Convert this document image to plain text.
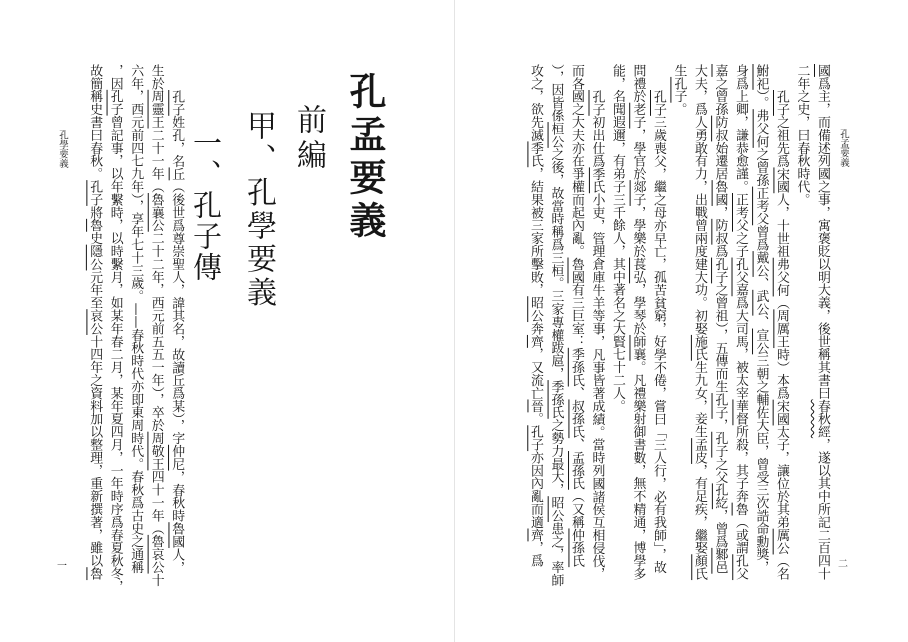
孔學要義	孔孟要義
前編
甲、孔學要義
一、孔子傳
一
孔孟要義
二
孔子姓孔，名丘（後世爲尊崇聖人，諱其名，故讀丘爲某），字仲尼，春秋時魯國人，
生於周靈王二十一年（魯襄公二十二年，西元前五五一年），卒於周敬王四十一年（魯哀公十
六年，西元前四七九年），享年七十三歲。——春秋時代亦即東周時代。春秋爲古史之通稱
，因孔子曾記事，以年繫時，以時繫月，如某年春二月，某年夏四月，一年時序爲春夏秋冬，
故簡稱史書曰春秋。孔子將魯史隱公元年至哀公十四年之資料加以整理，重新撰著，雖以魯
國爲主，而備述列國之事，寓褒貶以明大義，後世稱其書曰春秋經，遂以其中所記二百四十
二年之史，曰春秋時代。
孔子之祖先爲宋國人，十世祖弗父何（周厲王時）本爲宋國太子，讓位於其弟厲公（名
鮒祀）。弗父何之曾孫正考父曾爲戴公、武公、宣公三朝之輔佐大臣，曾受三次誥命勳獎，
身爲上卿，謙恭愈謹。正考父之子孔父嘉爲大司馬，被太宰華督所殺，其子奔魯（或謂孔父
嘉之曾孫防叔始遷居魯國，防叔爲孔子之曾祖），五傳而生孔子，孔子之父孔紇，曾爲鄹邑
大夫，爲人勇敢有力，出戰曾兩度建大功。初娶施氏生九女，妾生孟皮，有足疾，繼娶顏氏
生孔子。
孔子三歲喪父，繼之母亦早亡，孤苦貧窮，好學不倦，嘗曰「三人行，必有我師」，故
問禮於老子，學官於郯子，學樂於萇弘，學琴於師襄。凡禮樂射御書數，無不精通，博學多
能，名聞遐邇，有弟子三千餘人，其中著名之大賢七十二人。
孔子初出仕爲季氏小吏，管理倉庫牛羊等事，凡事皆著成績。當時列國諸侯互相侵伐，
而各國之大夫亦在爭權而起內亂。魯國有三巨室：季孫氏、叔孫氏、孟孫氏（又稱仲孫氏
），因皆係桓公之後，故當時稱爲三桓。三家專權跋扈，季孫氏之勢力最大，昭公患之，率師
攻之，欲先滅季氏，結果被三家所擊敗，昭公奔齊，又流亡晉。孔子亦因內亂而適齊，爲
